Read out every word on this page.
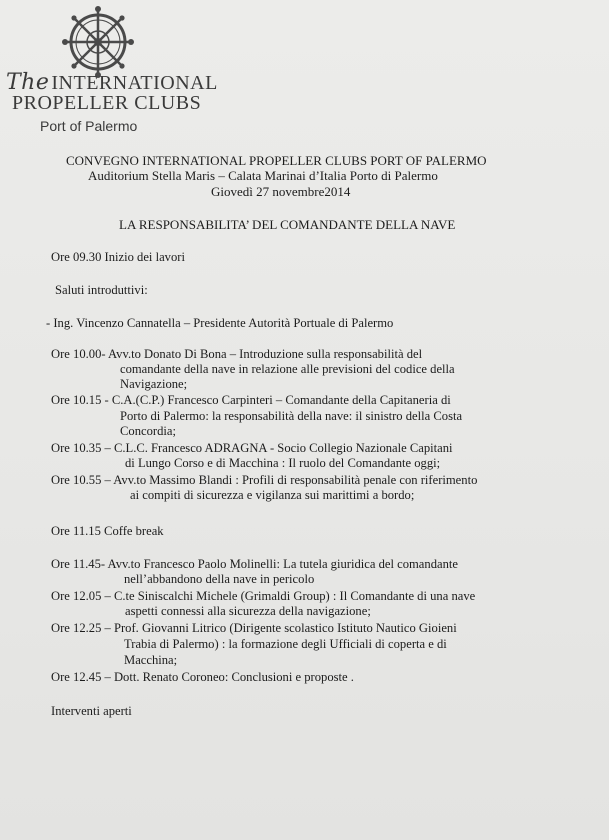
The INTERNATIONAL
PROPELLER CLUBS
Port of Palermo
CONVEGNO INTERNATIONAL PROPELLER CLUBS PORT OF PALERMO
Auditorium Stella Maris – Calata Marinai d’Italia Porto di Palermo
Giovedì 27 novembre2014
LA RESPONSABILITA’ DEL COMANDANTE DELLA NAVE
Ore 09.30 Inizio dei lavori
Saluti introduttivi:
- Ing. Vincenzo Cannatella – Presidente Autorità Portuale di Palermo
Ore 10.00- Avv.to Donato Di Bona – Introduzione sulla responsabilità del
comandante della nave in relazione alle previsioni del codice della
Navigazione;
Ore 10.15 - C.A.(C.P.) Francesco Carpinteri – Comandante della Capitaneria di
Porto di Palermo: la responsabilità della nave: il sinistro della Costa
Concordia;
Ore 10.35 – C.L.C. Francesco ADRAGNA - Socio Collegio Nazionale Capitani
di Lungo Corso e di Macchina : Il ruolo del Comandante oggi;
Ore 10.55 – Avv.to Massimo Blandi : Profili di responsabilità penale con riferimento
ai compiti di sicurezza e vigilanza sui marittimi a bordo;
Ore 11.15 Coffe break
Ore 11.45- Avv.to Francesco Paolo Molinelli: La tutela giuridica del comandante
nell’abbandono della nave in pericolo
Ore 12.05 – C.te Siniscalchi Michele (Grimaldi Group) : Il Comandante di una nave
aspetti connessi alla sicurezza della navigazione;
Ore 12.25 – Prof. Giovanni Litrico (Dirigente scolastico Istituto Nautico Gioieni
Trabia di Palermo) : la formazione degli Ufficiali di coperta e di
Macchina;
Ore 12.45 – Dott. Renato Coroneo: Conclusioni e proposte .
Interventi aperti
